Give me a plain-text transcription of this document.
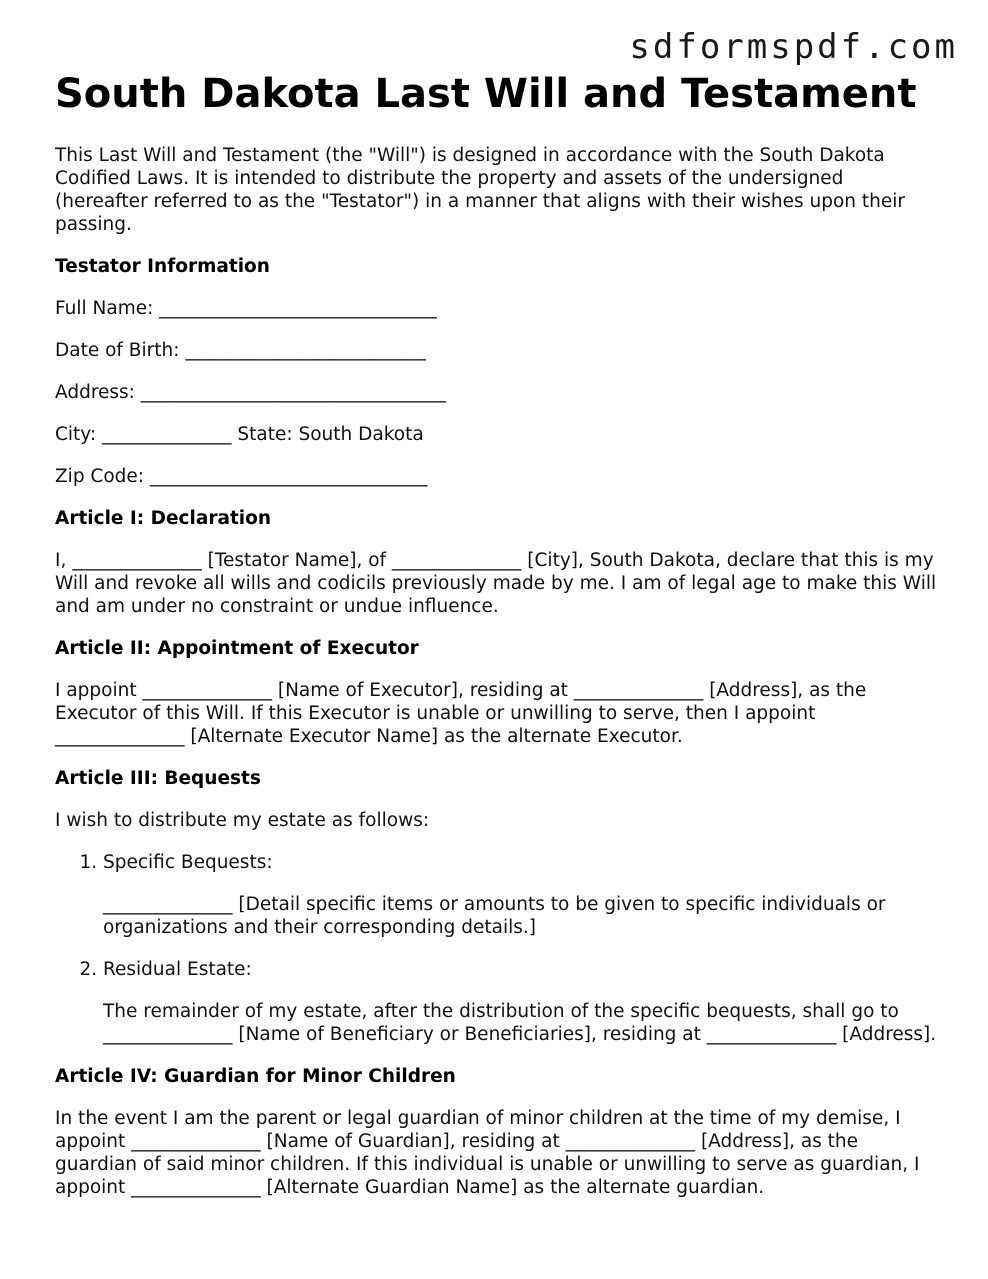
sdformspdf.com
South Dakota Last Will and Testament

This Last Will and Testament (the "Will") is designed in accordance with the South Dakota Codified Laws. It is intended to distribute the property and assets of the undersigned (hereafter referred to as the "Testator") in a manner that aligns with their wishes upon their passing.

Testator Information

Full Name: ______________________________
Date of Birth: __________________________
Address: _________________________________
City: ______________ State: South Dakota
Zip Code: ______________________________

Article I: Declaration

I, ______________ [Testator Name], of ______________ [City], South Dakota, declare that this is my Will and revoke all wills and codicils previously made by me. I am of legal age to make this Will and am under no constraint or undue influence.

Article II: Appointment of Executor

I appoint ______________ [Name of Executor], residing at ______________ [Address], as the Executor of this Will. If this Executor is unable or unwilling to serve, then I appoint ______________ [Alternate Executor Name] as the alternate Executor.

Article III: Bequests

I wish to distribute my estate as follows:

1. Specific Bequests:
______________ [Detail specific items or amounts to be given to specific individuals or organizations and their corresponding details.]
2. Residual Estate:
The remainder of my estate, after the distribution of the specific bequests, shall go to ______________ [Name of Beneficiary or Beneficiaries], residing at ______________ [Address].

Article IV: Guardian for Minor Children

In the event I am the parent or legal guardian of minor children at the time of my demise, I appoint ______________ [Name of Guardian], residing at ______________ [Address], as the guardian of said minor children. If this individual is unable or unwilling to serve as guardian, I appoint ______________ [Alternate Guardian Name] as the alternate guardian.
